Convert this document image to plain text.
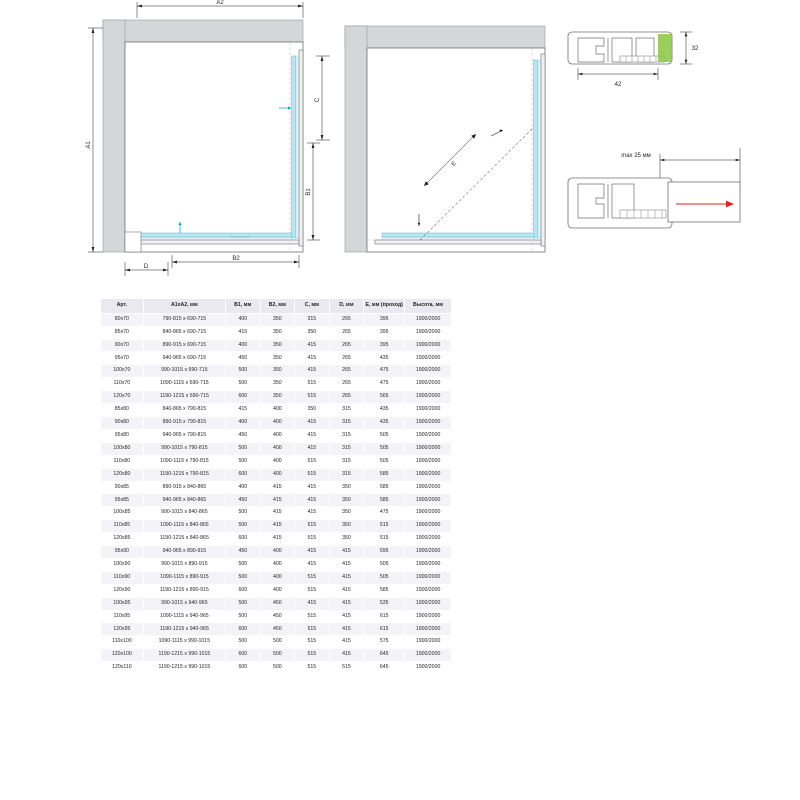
A2
A1
C
B1
D
B2
E
32
42
max 25 мм
Арт.	A1xA2, мм	B1, мм	B2, мм	C, мм	D, мм	E, мм (проход)	Высота, мм
80x70	790-815 x 690-715	400	350	315	265	395	1900/2000
85x70	840-865 x 690-715	415	350	350	265	395	1900/2000
90x70	890-915 x 690-715	400	350	415	265	395	1900/2000
95x70	940-965 x 690-715	450	350	415	265	435	1900/2000
100x70	990-1015 x 690-715	500	350	415	265	475	1900/2000
110x70	1090-1115 x 690-715	500	350	515	265	475	1900/2000
120x70	1190-1215 x 690-715	600	350	515	265	565	1900/2000
85x80	840-865 x 790-815	415	400	350	315	435	1900/2000
90x80	890-915 x 790-815	400	400	415	315	435	1900/2000
95x80	940-965 x 790-815	450	400	415	315	505	1900/2000
100x80	990-1015 x 790-815	500	400	415	315	505	1900/2000
110x80	1090-1115 x 790-815	500	400	515	315	505	1900/2000
120x80	1190-1215 x 790-815	600	400	515	315	585	1900/2000
90x85	890-915 x 840-865	400	415	415	350	585	1900/2000
95x85	940-965 x 840-865	450	415	415	350	585	1900/2000
100x85	990-1015 x 840-865	500	415	415	350	475	1900/2000
110x85	1090-1115 x 840-865	500	415	515	350	515	1900/2000
120x85	1190-1215 x 840-865	600	415	515	350	515	1900/2000
95x90	940-965 x 890-915	450	400	415	415	595	1900/2000
100x90	990-1015 x 890-915	500	400	415	415	505	1900/2000
110x90	1090-1115 x 890-915	500	400	515	415	505	1900/2000
120x90	1190-1215 x 890-915	600	400	515	415	585	1900/2000
100x95	990-1015 x 940-965	500	450	415	415	535	1900/2000
110x95	1090-1115 x 940-965	500	450	515	415	615	1900/2000
120x95	1190-1215 x 940-965	600	450	515	415	615	1900/2000
110x100	1090-1115 x 990-1015	500	500	515	415	575	1900/2000
120x100	1190-1215 x 990-1015	600	500	515	415	645	1900/2000
120x110	1190-1215 x 990-1015	600	500	515	515	645	1900/2000
